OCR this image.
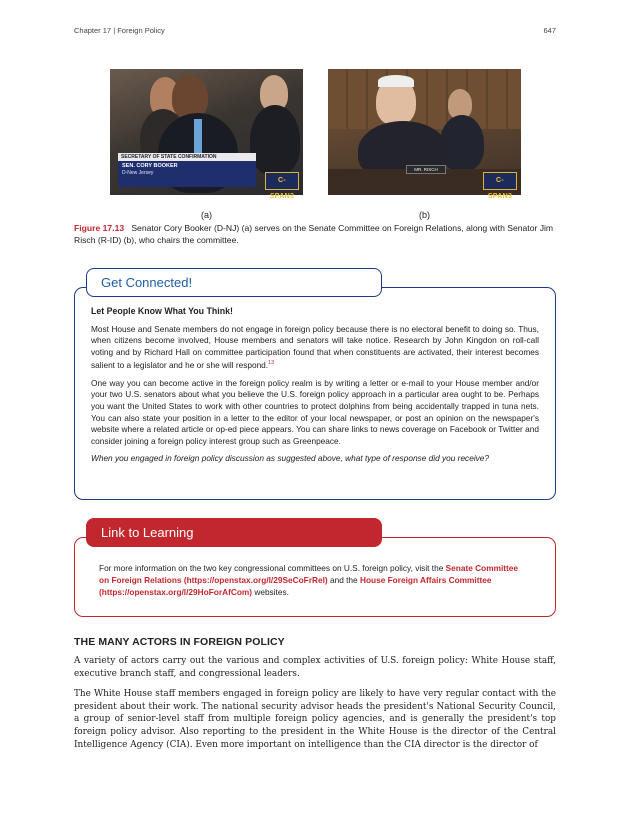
Chapter 17 | Foreign Policy	647
SECRETARY OF STATE CONFIRMATION
SEN. CORY BOOKER
D-New Jersey
C-SPAN3
MR. RISCH
C-SPAN3
(a)	(b)
Figure 17.13 Senator Cory Booker (D-NJ) (a) serves on the Senate Committee on Foreign Relations, along with Senator Jim Risch (R-ID) (b), who chairs the committee.

Let People Know What You Think!

Most House and Senate members do not engage in foreign policy because there is no electoral benefit to doing so. Thus, when citizens become involved, House members and senators will take notice. Research by John Kingdon on roll-call voting and by Richard Hall on committee participation found that when constituents are activated, their interest becomes salient to a legislator and he or she will respond.$^{13}$

One way you can become active in the foreign policy realm is by writing a letter or e-mail to your House member and/or your two U.S. senators about what you believe the U.S. foreign policy approach in a particular area ought to be. Perhaps you want the United States to work with other countries to protect dolphins from being accidentally trapped in tuna nets. You can also state your position in a letter to the editor of your local newspaper, or post an opinion on the newspaper's website where a related article or op-ed piece appears. You can share links to news coverage on Facebook or Twitter and consider joining a foreign policy interest group such as Greenpeace.

When you engaged in foreign policy discussion as suggested above, what type of response did you receive?

Get Connected!
For more information on the two key congressional committees on U.S. foreign policy, visit the Senate Committee on Foreign Relations (https://openstax.org/l/29SeCoFrRel) and the House Foreign Affairs Committee (https://openstax.org/l/29HoForAfCom) websites.
Link to Learning
THE MANY ACTORS IN FOREIGN POLICY

A variety of actors carry out the various and complex activities of U.S. foreign policy: White House staff, executive branch staff, and congressional leaders.

The White House staff members engaged in foreign policy are likely to have very regular contact with the president about their work. The national security advisor heads the president's National Security Council, a group of senior-level staff from multiple foreign policy agencies, and is generally the president's top foreign policy advisor. Also reporting to the president in the White House is the director of the Central Intelligence Agency (CIA). Even more important on intelligence than the CIA director is the director of
